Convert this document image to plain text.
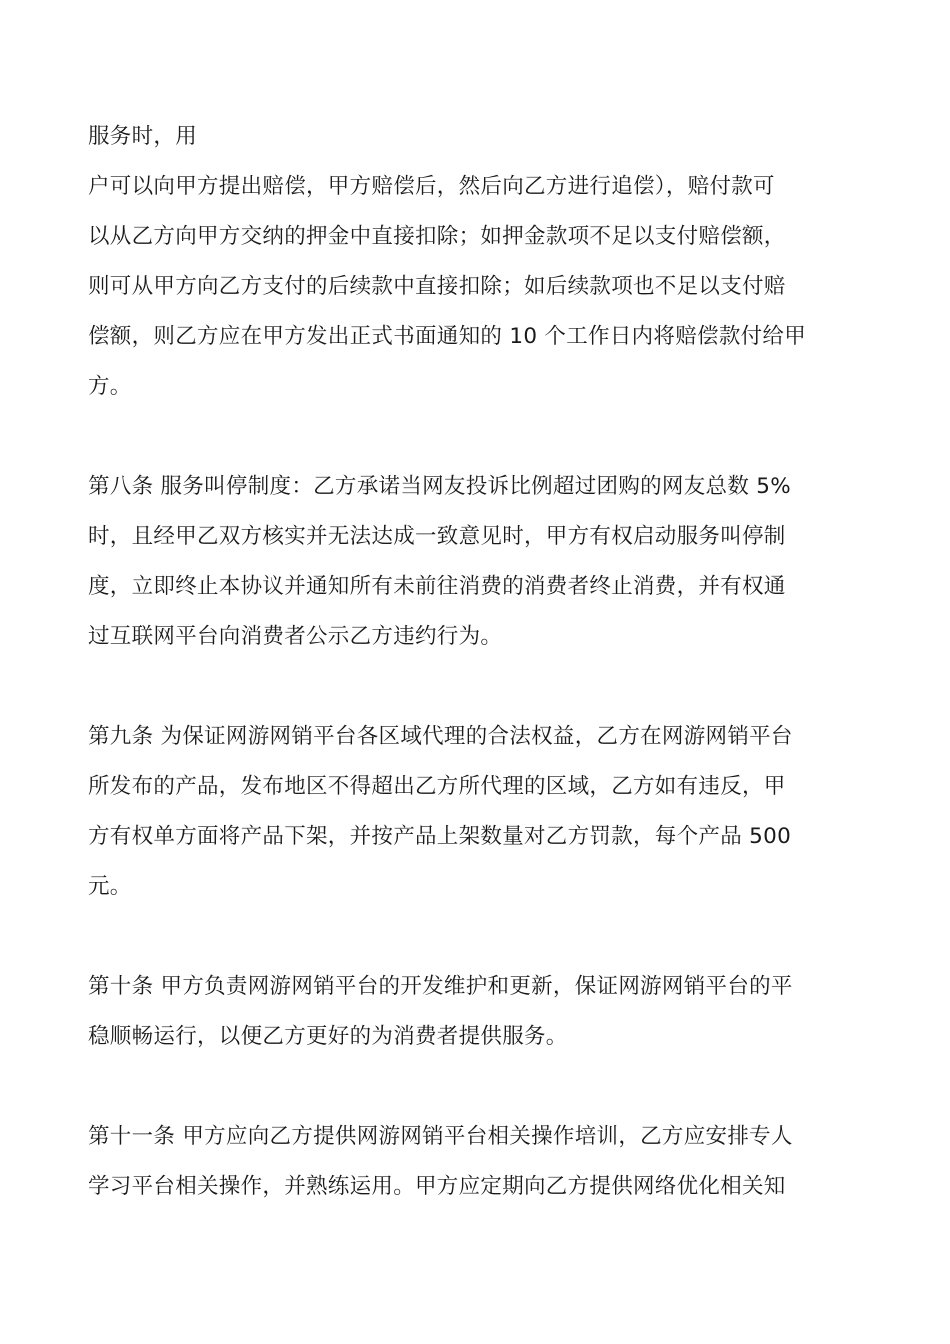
服务时，用

户可以向甲方提出赔偿，甲方赔偿后，然后向乙方进行追偿），赔付款可
以从乙方向甲方交纳的押金中直接扣除；如押金款项不足以支付赔偿额，
则可从甲方向乙方支付的后续款中直接扣除；如后续款项也不足以支付赔
偿额，则乙方应在甲方发出正式书面通知的 10 个工作日内将赔偿款付给甲
方。

第八条 服务叫停制度：乙方承诺当网友投诉比例超过团购的网友总数 5%
时，且经甲乙双方核实并无法达成一致意见时，甲方有权启动服务叫停制
度，立即终止本协议并通知所有未前往消费的消费者终止消费，并有权通
过互联网平台向消费者公示乙方违约行为。

第九条 为保证网游网销平台各区域代理的合法权益，乙方在网游网销平台
所发布的产品，发布地区不得超出乙方所代理的区域，乙方如有违反，甲
方有权单方面将产品下架，并按产品上架数量对乙方罚款，每个产品 500
元。

第十条 甲方负责网游网销平台的开发维护和更新，保证网游网销平台的平
稳顺畅运行，以便乙方更好的为消费者提供服务。

第十一条 甲方应向乙方提供网游网销平台相关操作培训，乙方应安排专人
学习平台相关操作，并熟练运用。甲方应定期向乙方提供网络优化相关知
